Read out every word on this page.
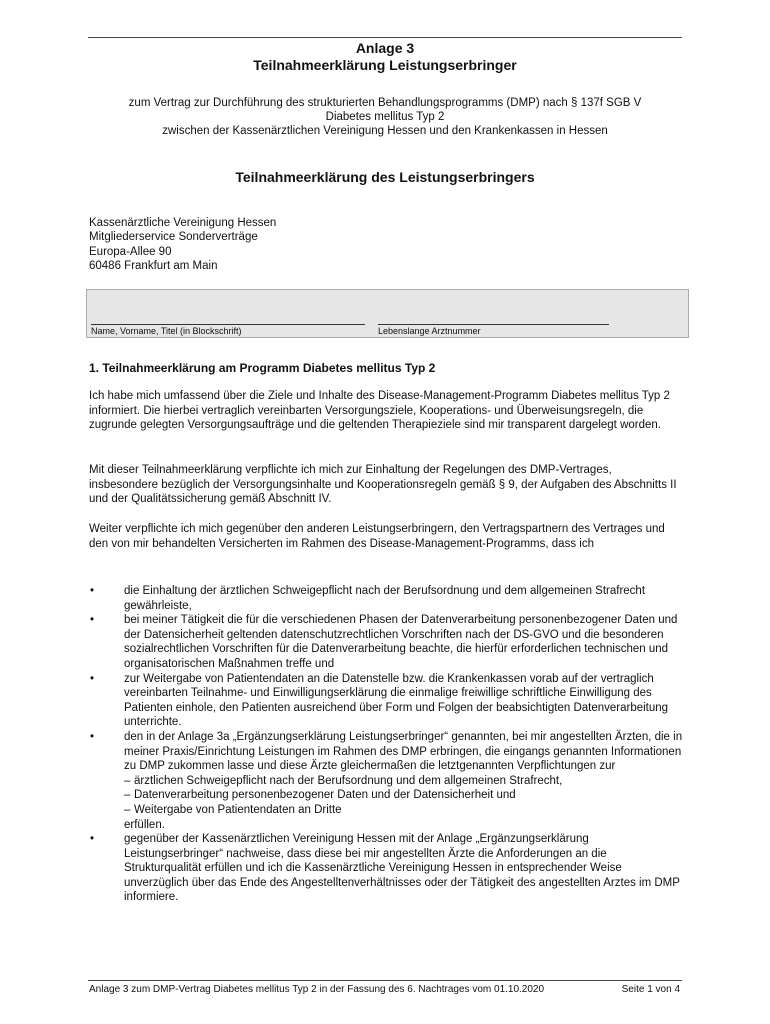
Anlage 3
Teilnahmeerklärung Leistungserbringer
zum Vertrag zur Durchführung des strukturierten Behandlungsprogramms (DMP) nach § 137f SGB V
Diabetes mellitus Typ 2
zwischen der Kassenärztlichen Vereinigung Hessen und den Krankenkassen in Hessen
Teilnahmeerklärung des Leistungserbringers
Kassenärztliche Vereinigung Hessen
Mitgliederservice Sonderverträge
Europa-Allee 90
60486 Frankfurt am Main
Name, Vorname, Titel (in Blockschrift)	Lebenslange Arztnummer
1. Teilnahmeerklärung am Programm Diabetes mellitus Typ 2
Ich habe mich umfassend über die Ziele und Inhalte des Disease-Management-Programm Diabetes mellitus Typ 2 informiert. Die hierbei vertraglich vereinbarten Versorgungsziele, Kooperations- und Überweisungsregeln, die zugrunde gelegten Versorgungsaufträge und die geltenden Therapieziele sind mir transparent dargelegt worden.
Mit dieser Teilnahmeerklärung verpflichte ich mich zur Einhaltung der Regelungen des DMP-Vertrages, insbesondere bezüglich der Versorgungsinhalte und Kooperationsregeln gemäß § 9, der Aufgaben des Abschnitts II und der Qualitätssicherung gemäß Abschnitt IV.
Weiter verpflichte ich mich gegenüber den anderen Leistungserbringern, den Vertragspartnern des Vertrages und den von mir behandelten Versicherten im Rahmen des Disease-Management-Programms, dass ich
•	die Einhaltung der ärztlichen Schweigepflicht nach der Berufsordnung und dem allgemeinen Strafrecht gewährleiste,
•	bei meiner Tätigkeit die für die verschiedenen Phasen der Datenverarbeitung personenbezogener Daten und der Datensicherheit geltenden datenschutzrechtlichen Vorschriften nach der DS-GVO und die besonderen sozialrechtlichen Vorschriften für die Datenverarbeitung beachte, die hierfür erforderlichen technischen und organisatorischen Maßnahmen treffe und
•	zur Weitergabe von Patientendaten an die Datenstelle bzw. die Krankenkassen vorab auf der vertraglich vereinbarten Teilnahme- und Einwilligungserklärung die einmalige freiwillige schriftliche Einwilligung des Patienten einhole, den Patienten ausreichend über Form und Folgen der beabsichtigten Datenverarbeitung unterrichte.
•	den in der Anlage 3a „Ergänzungserklärung Leistungserbringer“ genannten, bei mir angestellten Ärzten, die in meiner Praxis/Einrichtung Leistungen im Rahmen des DMP erbringen, die eingangs genannten Informationen zu DMP zukommen lasse und diese Ärzte gleichermaßen die letztgenannten Verpflichtungen zur
– ärztlichen Schweigepflicht nach der Berufsordnung und dem allgemeinen Strafrecht,
– Datenverarbeitung personenbezogener Daten und der Datensicherheit und
– Weitergabe von Patientendaten an Dritte
erfüllen.
•	gegenüber der Kassenärztlichen Vereinigung Hessen mit der Anlage „Ergänzungserklärung Leistungserbringer“ nachweise, dass diese bei mir angestellten Ärzte die Anforderungen an die Strukturqualität erfüllen und ich die Kassenärztliche Vereinigung Hessen in entsprechender Weise unverzüglich über das Ende des Angestelltenverhältnisses oder der Tätigkeit des angestellten Arztes im DMP informiere.
Anlage 3 zum DMP-Vertrag Diabetes mellitus Typ 2 in der Fassung des 6. Nachtrages vom 01.10.2020	Seite 1 von 4
